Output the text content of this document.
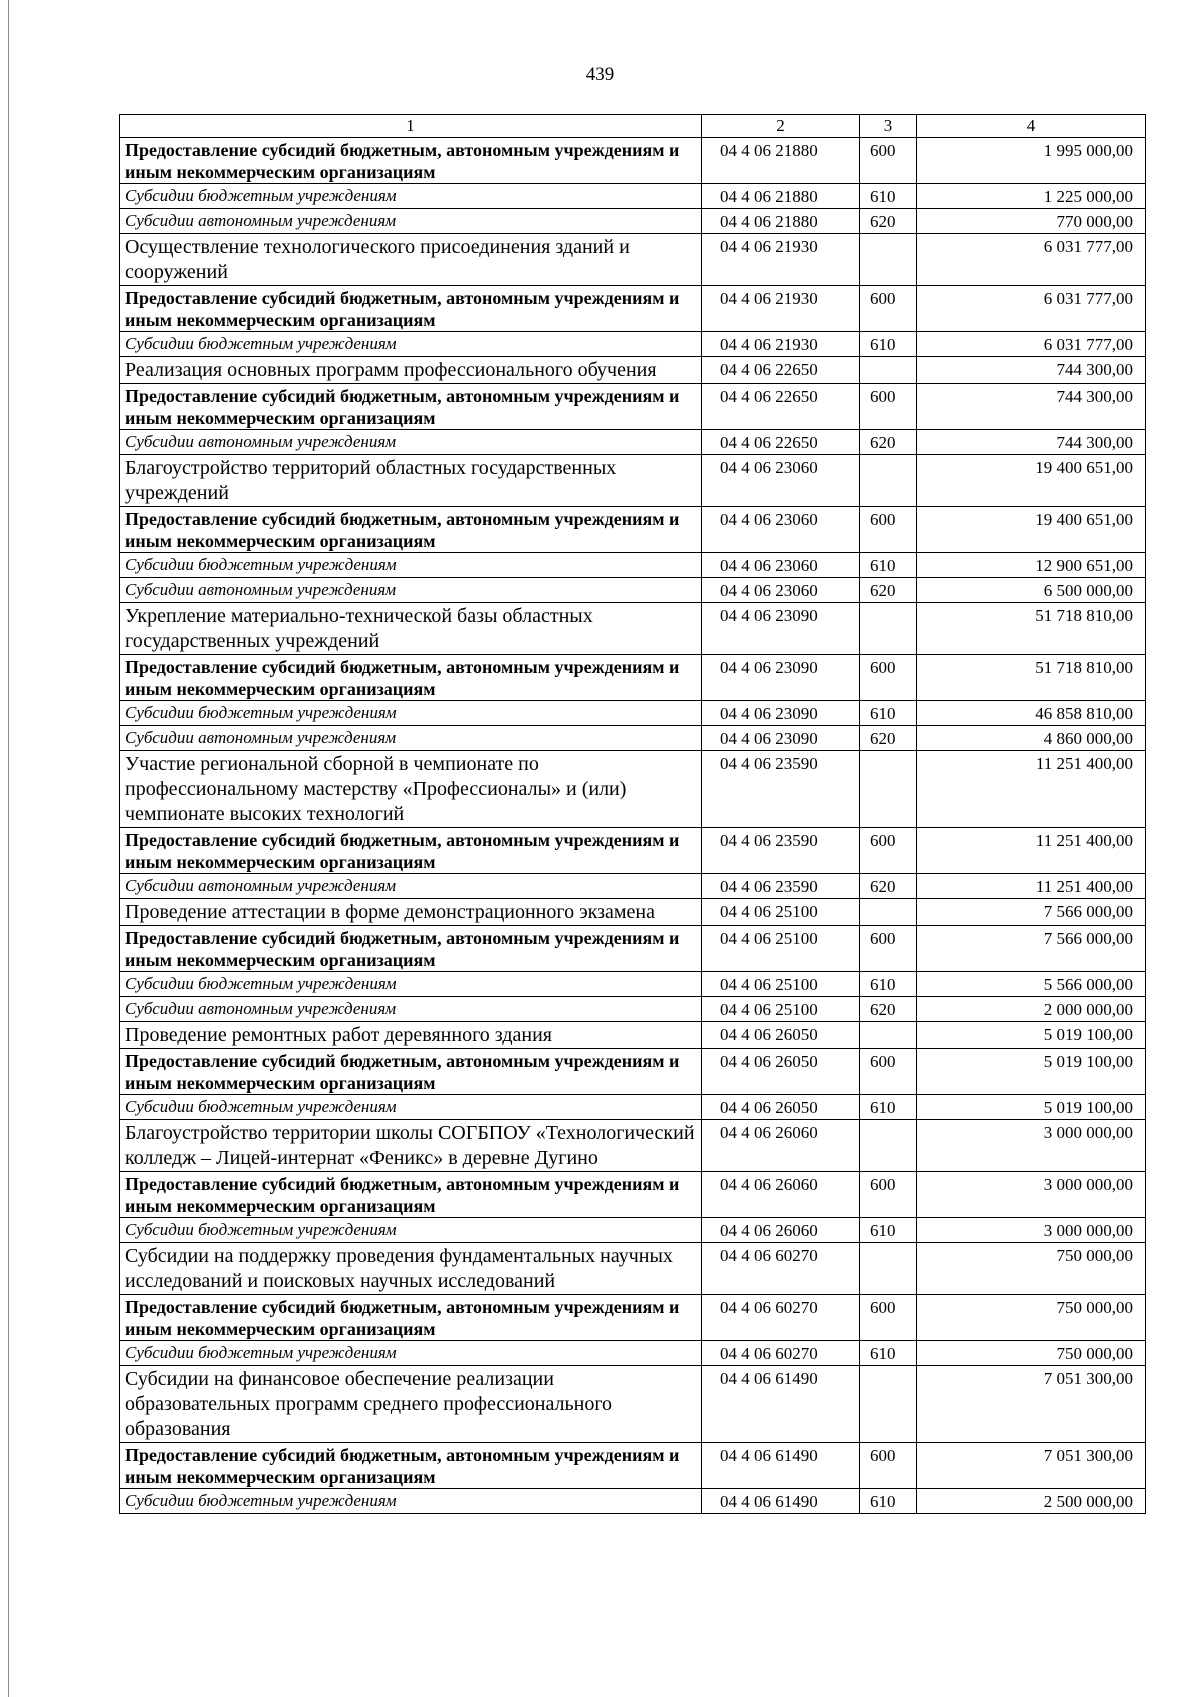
439
1	2	3	4
Предоставление субсидий бюджетным, автономным учреждениям и иным некоммерческим организациям	04 4 06 21880	600	1 995 000,00
Субсидии бюджетным учреждениям	04 4 06 21880	610	1 225 000,00
Субсидии автономным учреждениям	04 4 06 21880	620	770 000,00
Осуществление технологического присоединения зданий и сооружений	04 4 06 21930		6 031 777,00
Предоставление субсидий бюджетным, автономным учреждениям и иным некоммерческим организациям	04 4 06 21930	600	6 031 777,00
Субсидии бюджетным учреждениям	04 4 06 21930	610	6 031 777,00
Реализация основных программ профессионального обучения	04 4 06 22650		744 300,00
Предоставление субсидий бюджетным, автономным учреждениям и иным некоммерческим организациям	04 4 06 22650	600	744 300,00
Субсидии автономным учреждениям	04 4 06 22650	620	744 300,00
Благоустройство территорий областных государственных учреждений	04 4 06 23060		19 400 651,00
Предоставление субсидий бюджетным, автономным учреждениям и иным некоммерческим организациям	04 4 06 23060	600	19 400 651,00
Субсидии бюджетным учреждениям	04 4 06 23060	610	12 900 651,00
Субсидии автономным учреждениям	04 4 06 23060	620	6 500 000,00
Укрепление материально-технической базы областных государственных учреждений	04 4 06 23090		51 718 810,00
Предоставление субсидий бюджетным, автономным учреждениям и иным некоммерческим организациям	04 4 06 23090	600	51 718 810,00
Субсидии бюджетным учреждениям	04 4 06 23090	610	46 858 810,00
Субсидии автономным учреждениям	04 4 06 23090	620	4 860 000,00
Участие региональной сборной в чемпионате по профессиональному мастерству «Профессионалы» и (или) чемпионате высоких технологий	04 4 06 23590		11 251 400,00
Предоставление субсидий бюджетным, автономным учреждениям и иным некоммерческим организациям	04 4 06 23590	600	11 251 400,00
Субсидии автономным учреждениям	04 4 06 23590	620	11 251 400,00
Проведение аттестации в форме демонстрационного экзамена	04 4 06 25100		7 566 000,00
Предоставление субсидий бюджетным, автономным учреждениям и иным некоммерческим организациям	04 4 06 25100	600	7 566 000,00
Субсидии бюджетным учреждениям	04 4 06 25100	610	5 566 000,00
Субсидии автономным учреждениям	04 4 06 25100	620	2 000 000,00
Проведение ремонтных работ деревянного здания	04 4 06 26050		5 019 100,00
Предоставление субсидий бюджетным, автономным учреждениям и иным некоммерческим организациям	04 4 06 26050	600	5 019 100,00
Субсидии бюджетным учреждениям	04 4 06 26050	610	5 019 100,00
Благоустройство территории школы СОГБПОУ «Технологический колледж – Лицей-интернат «Феникс» в деревне Дугино	04 4 06 26060		3 000 000,00
Предоставление субсидий бюджетным, автономным учреждениям и иным некоммерческим организациям	04 4 06 26060	600	3 000 000,00
Субсидии бюджетным учреждениям	04 4 06 26060	610	3 000 000,00
Субсидии на поддержку проведения фундаментальных научных исследований и поисковых научных исследований	04 4 06 60270		750 000,00
Предоставление субсидий бюджетным, автономным учреждениям и иным некоммерческим организациям	04 4 06 60270	600	750 000,00
Субсидии бюджетным учреждениям	04 4 06 60270	610	750 000,00
Субсидии на финансовое обеспечение реализации образовательных программ среднего профессионального образования	04 4 06 61490		7 051 300,00
Предоставление субсидий бюджетным, автономным учреждениям и иным некоммерческим организациям	04 4 06 61490	600	7 051 300,00
Субсидии бюджетным учреждениям	04 4 06 61490	610	2 500 000,00
